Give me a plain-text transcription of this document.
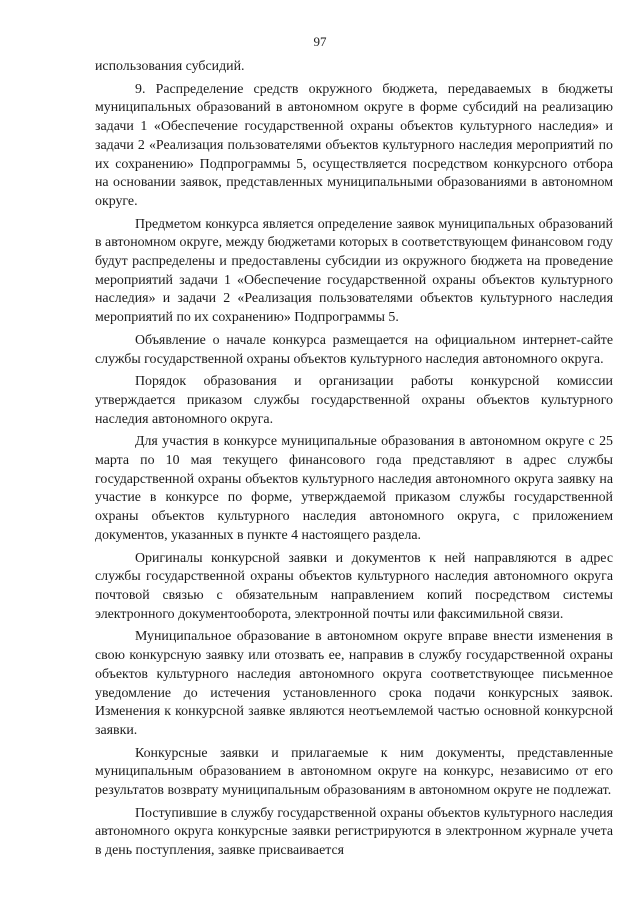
97

использования субсидий.

9. Распределение средств окружного бюджета, передаваемых в бюджеты муниципальных образований в автономном округе в форме субсидий на реализацию задачи 1 «Обеспечение государственной охраны объектов культурного наследия» и задачи 2 «Реализация пользователями объектов культурного наследия мероприятий по их сохранению» Подпрограммы 5, осуществляется посредством конкурсного отбора на основании заявок, представленных муниципальными образованиями в автономном округе.

Предметом конкурса является определение заявок муниципальных образований в автономном округе, между бюджетами которых в соответствующем финансовом году будут распределены и предоставлены субсидии из окружного бюджета на проведение мероприятий задачи 1 «Обеспечение государственной охраны объектов культурного наследия» и задачи 2 «Реализация пользователями объектов культурного наследия мероприятий по их сохранению» Подпрограммы 5.

Объявление о начале конкурса размещается на официальном интернет-сайте службы государственной охраны объектов культурного наследия автономного округа.

Порядок образования и организации работы конкурсной комиссии утверждается приказом службы государственной охраны объектов культурного наследия автономного округа.

Для участия в конкурсе муниципальные образования в автономном округе с 25 марта по 10 мая текущего финансового года представляют в адрес службы государственной охраны объектов культурного наследия автономного округа заявку на участие в конкурсе по форме, утверждаемой приказом службы государственной охраны объектов культурного наследия автономного округа, с приложением документов, указанных в пункте 4 настоящего раздела.

Оригиналы конкурсной заявки и документов к ней направляются в адрес службы государственной охраны объектов культурного наследия автономного округа почтовой связью с обязательным направлением копий посредством системы электронного документооборота, электронной почты или факсимильной связи.

Муниципальное образование в автономном округе вправе внести изменения в свою конкурсную заявку или отозвать ее, направив в службу государственной охраны объектов культурного наследия автономного округа соответствующее письменное уведомление до истечения установленного срока подачи конкурсных заявок. Изменения к конкурсной заявке являются неотъемлемой частью основной конкурсной заявки.

Конкурсные заявки и прилагаемые к ним документы, представленные муниципальным образованием в автономном округе на конкурс, независимо от его результатов возврату муниципальным образованиям в автономном округе не подлежат.

Поступившие в службу государственной охраны объектов культурного наследия автономного округа конкурсные заявки регистрируются в электронном журнале учета в день поступления, заявке присваивается
